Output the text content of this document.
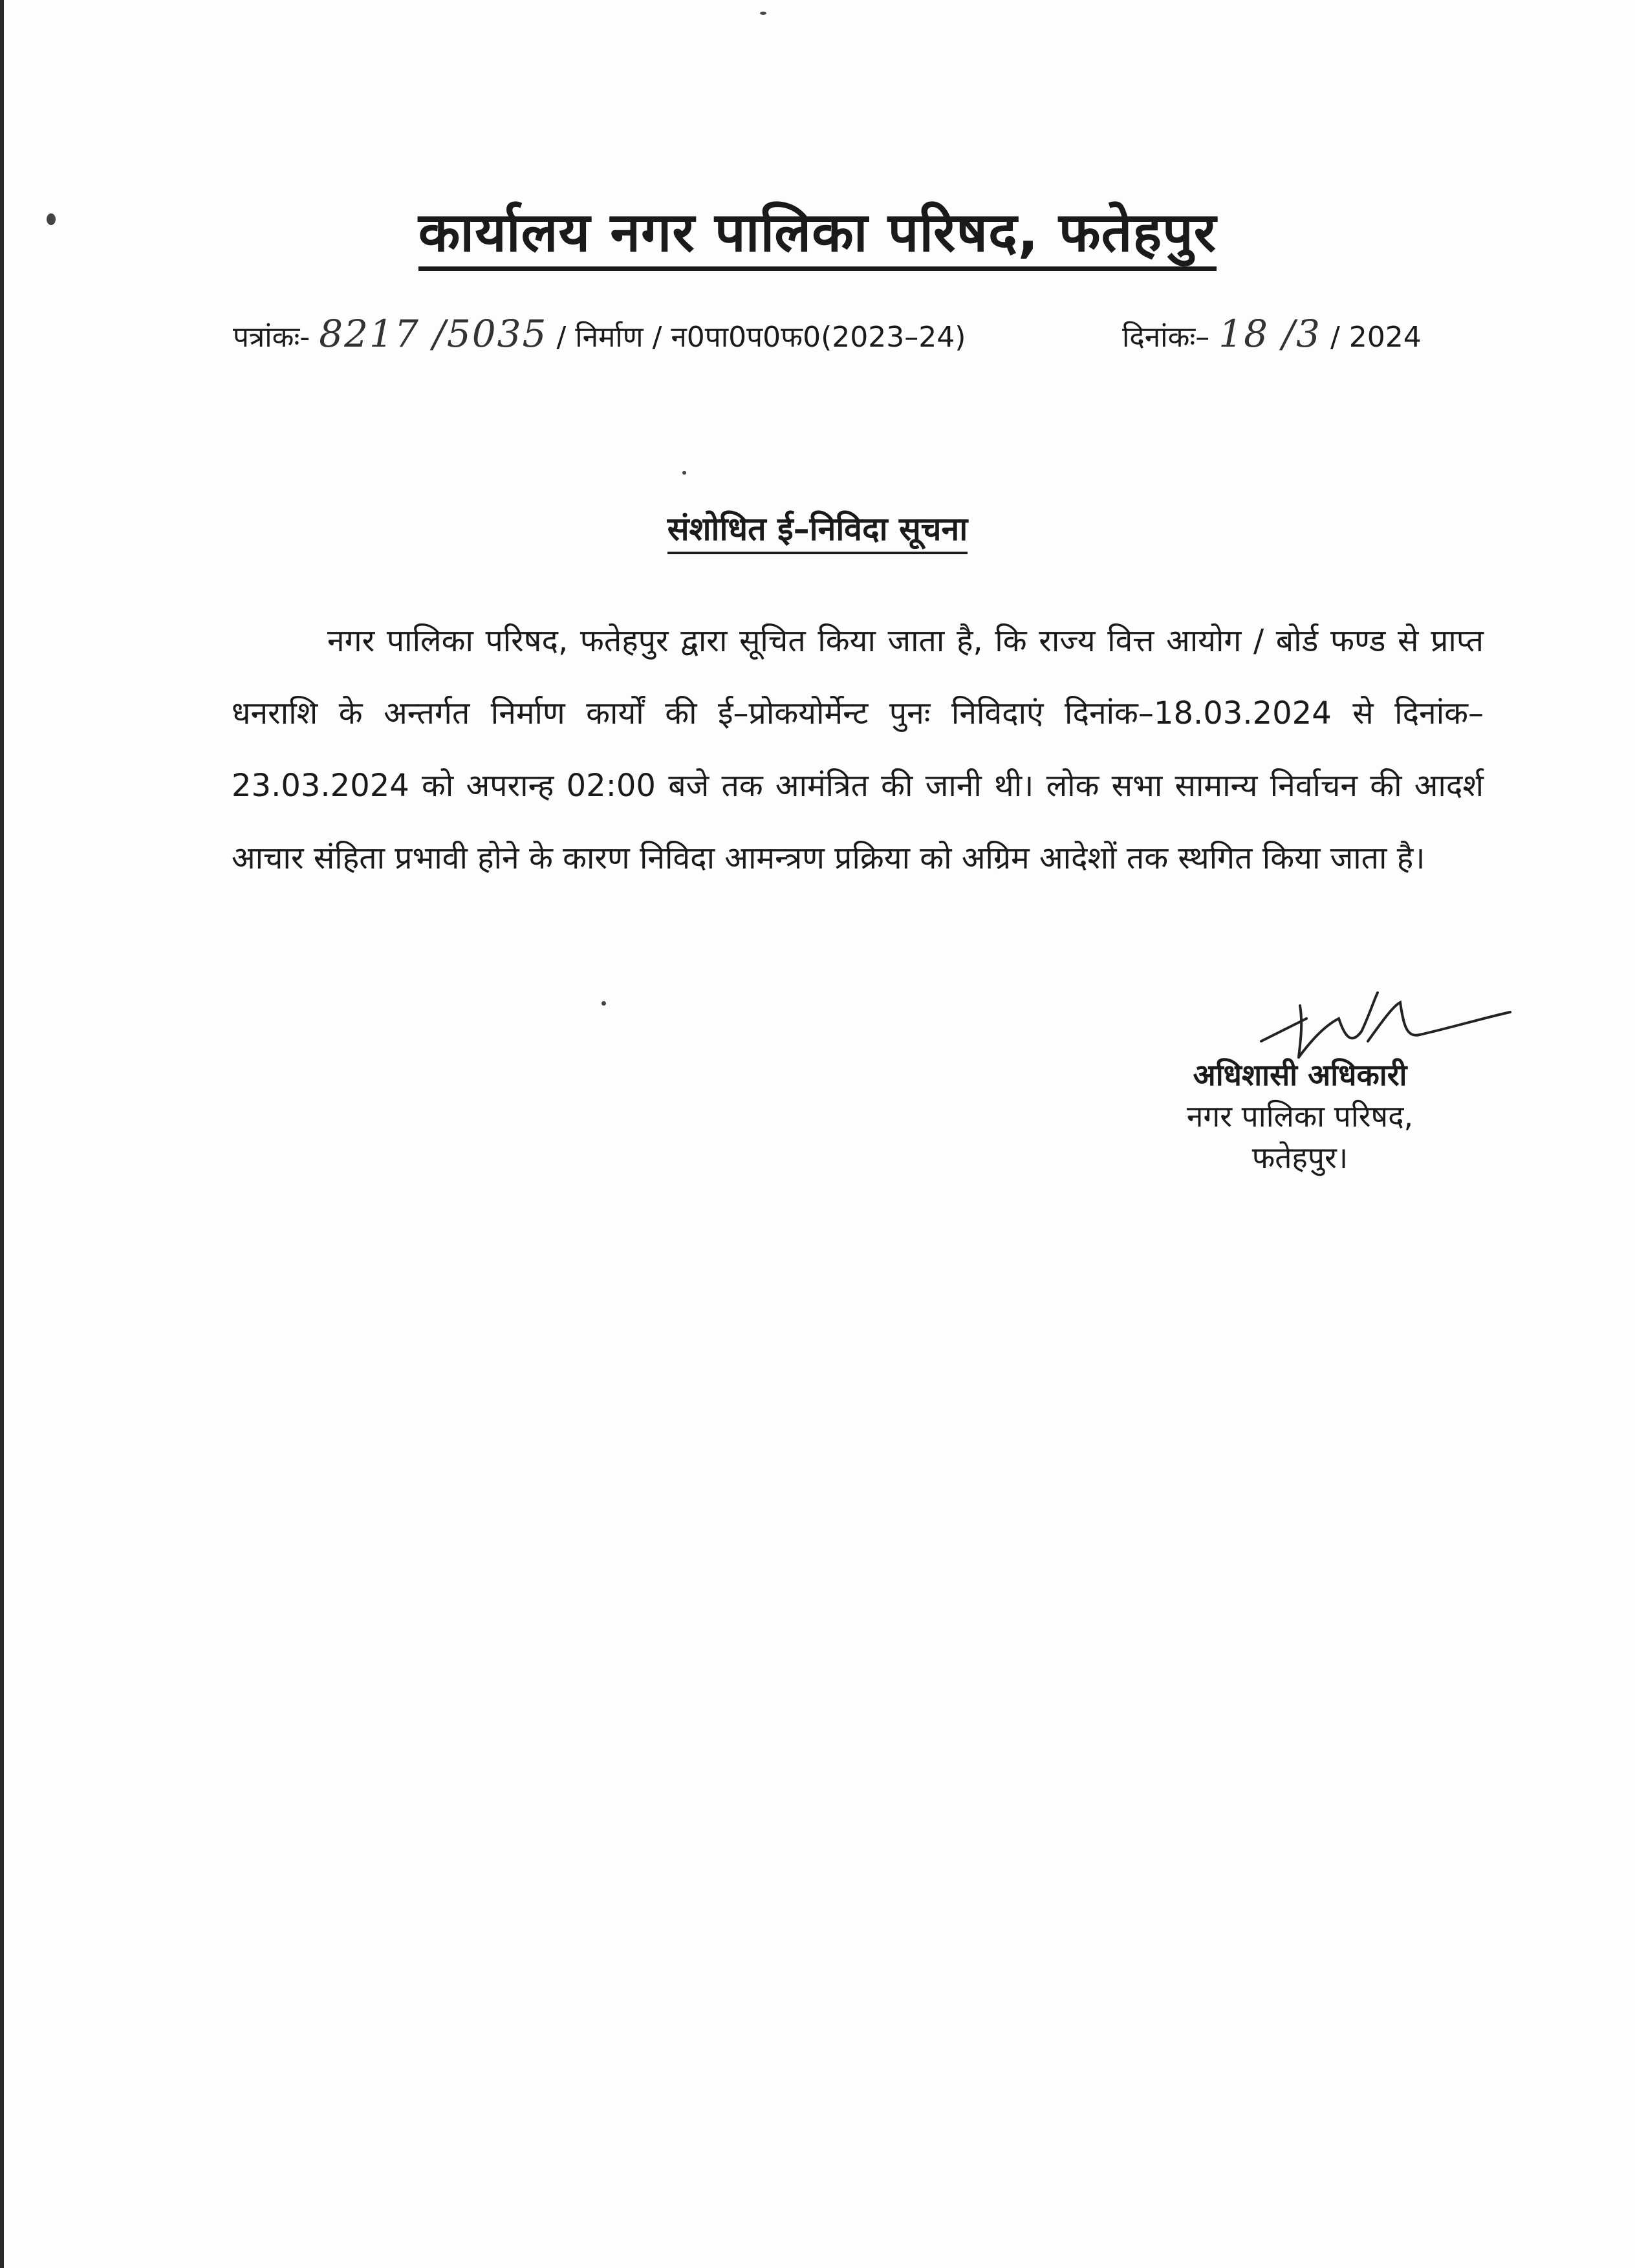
कार्यालय नगर पालिका परिषद, फतेहपुर
पत्रांकः- 8217 /5035 / निर्माण / न0पा0प0फ0(2023–24)	दिनांकः– 18 /3 / 2024
संशोधित ई–निविदा सूचना

नगर पालिका परिषद, फतेहपुर द्वारा सूचित किया जाता है, कि राज्य वित्त आयोग / बोर्ड फण्ड से प्राप्त धनराशि के अन्तर्गत निर्माण कार्यों की ई–प्रोकयोर्मेन्ट पुनः निविदाएं दिनांक–18.03.2024 से दिनांक–23.03.2024 को अपरान्ह 02:00 बजे तक आमंत्रित की जानी थी। लोक सभा सामान्य निर्वाचन की आदर्श आचार संहिता प्रभावी होने के कारण निविदा आमन्त्रण प्रक्रिया को अग्रिम आदेशों तक स्थगित किया जाता है।

अधिशासी अधिकारी
नगर पालिका परिषद,
फतेहपुर।
